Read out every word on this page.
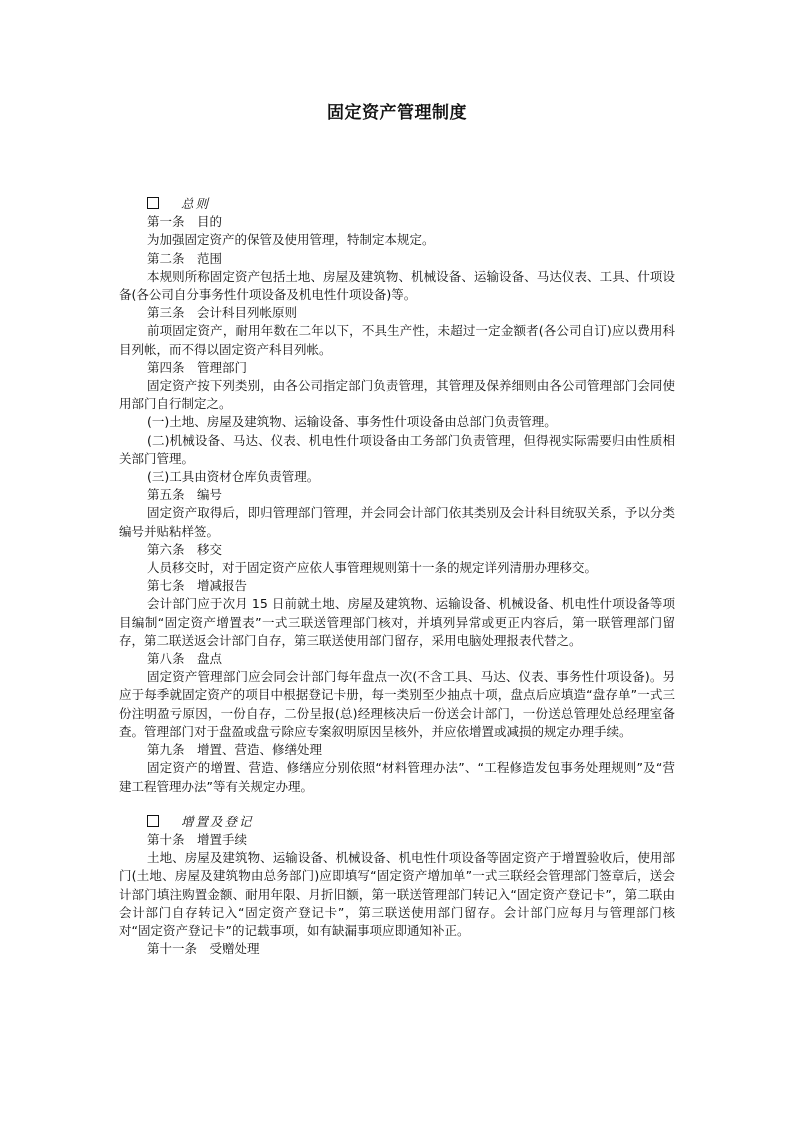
固定资产管理制度

总则

第一条　目的

为加强固定资产的保管及使用管理，特制定本规定。

第二条　范围

本规则所称固定资产包括土地、房屋及建筑物、机械设备、运输设备、马达仪表、工具、什项设备(各公司自分事务性什项设备及机电性什项设备)等。

第三条　会计科目列帐原则

前项固定资产，耐用年数在二年以下，不具生产性，未超过一定金额者(各公司自订)应以费用科目列帐，而不得以固定资产科目列帐。

第四条　管理部门

固定资产按下列类别，由各公司指定部门负责管理，其管理及保养细则由各公司管理部门会同使用部门自行制定之。

(一)土地、房屋及建筑物、运输设备、事务性什项设备由总部门负责管理。

(二)机械设备、马达、仪表、机电性什项设备由工务部门负责管理，但得视实际需要归由性质相关部门管理。

(三)工具由资材仓库负责管理。

第五条　编号

固定资产取得后，即归管理部门管理，并会同会计部门依其类别及会计科目统驭关系，予以分类编号并贴粘样签。

第六条　移交

人员移交时，对于固定资产应依人事管理规则第十一条的规定详列清册办理移交。

第七条　增减报告

会计部门应于次月 15 日前就土地、房屋及建筑物、运输设备、机械设备、机电性什项设备等项目编制“固定资产增置表”一式三联送管理部门核对，并填列异常或更正内容后，第一联管理部门留存，第二联送返会计部门自存，第三联送使用部门留存，采用电脑处理报表代替之。

第八条　盘点

固定资产管理部门应会同会计部门每年盘点一次(不含工具、马达、仪表、事务性什项设备)。另应于每季就固定资产的项目中根据登记卡册，每一类别至少抽点十项，盘点后应填造“盘存单”一式三份注明盈亏原因，一份自存，二份呈报(总)经理核决后一份送会计部门，一份送总管理处总经理室备查。管理部门对于盘盈或盘亏除应专案叙明原因呈核外，并应依增置或减损的规定办理手续。

第九条　增置、营造、修缮处理

固定资产的增置、营造、修缮应分别依照“材料管理办法”、“工程修造发包事务处理规则”及“营建工程管理办法”等有关规定办理。

增置及登记

第十条　增置手续

土地、房屋及建筑物、运输设备、机械设备、机电性什项设备等固定资产于增置验收后，使用部门(土地、房屋及建筑物由总务部门)应即填写“固定资产增加单”一式三联经会管理部门签章后，送会计部门填注购置金额、耐用年限、月折旧额，第一联送管理部门转记入“固定资产登记卡”，第二联由会计部门自存转记入“固定资产登记卡”，第三联送使用部门留存。会计部门应每月与管理部门核对“固定资产登记卡”的记载事项，如有缺漏事项应即通知补正。

第十一条　受赠处理
